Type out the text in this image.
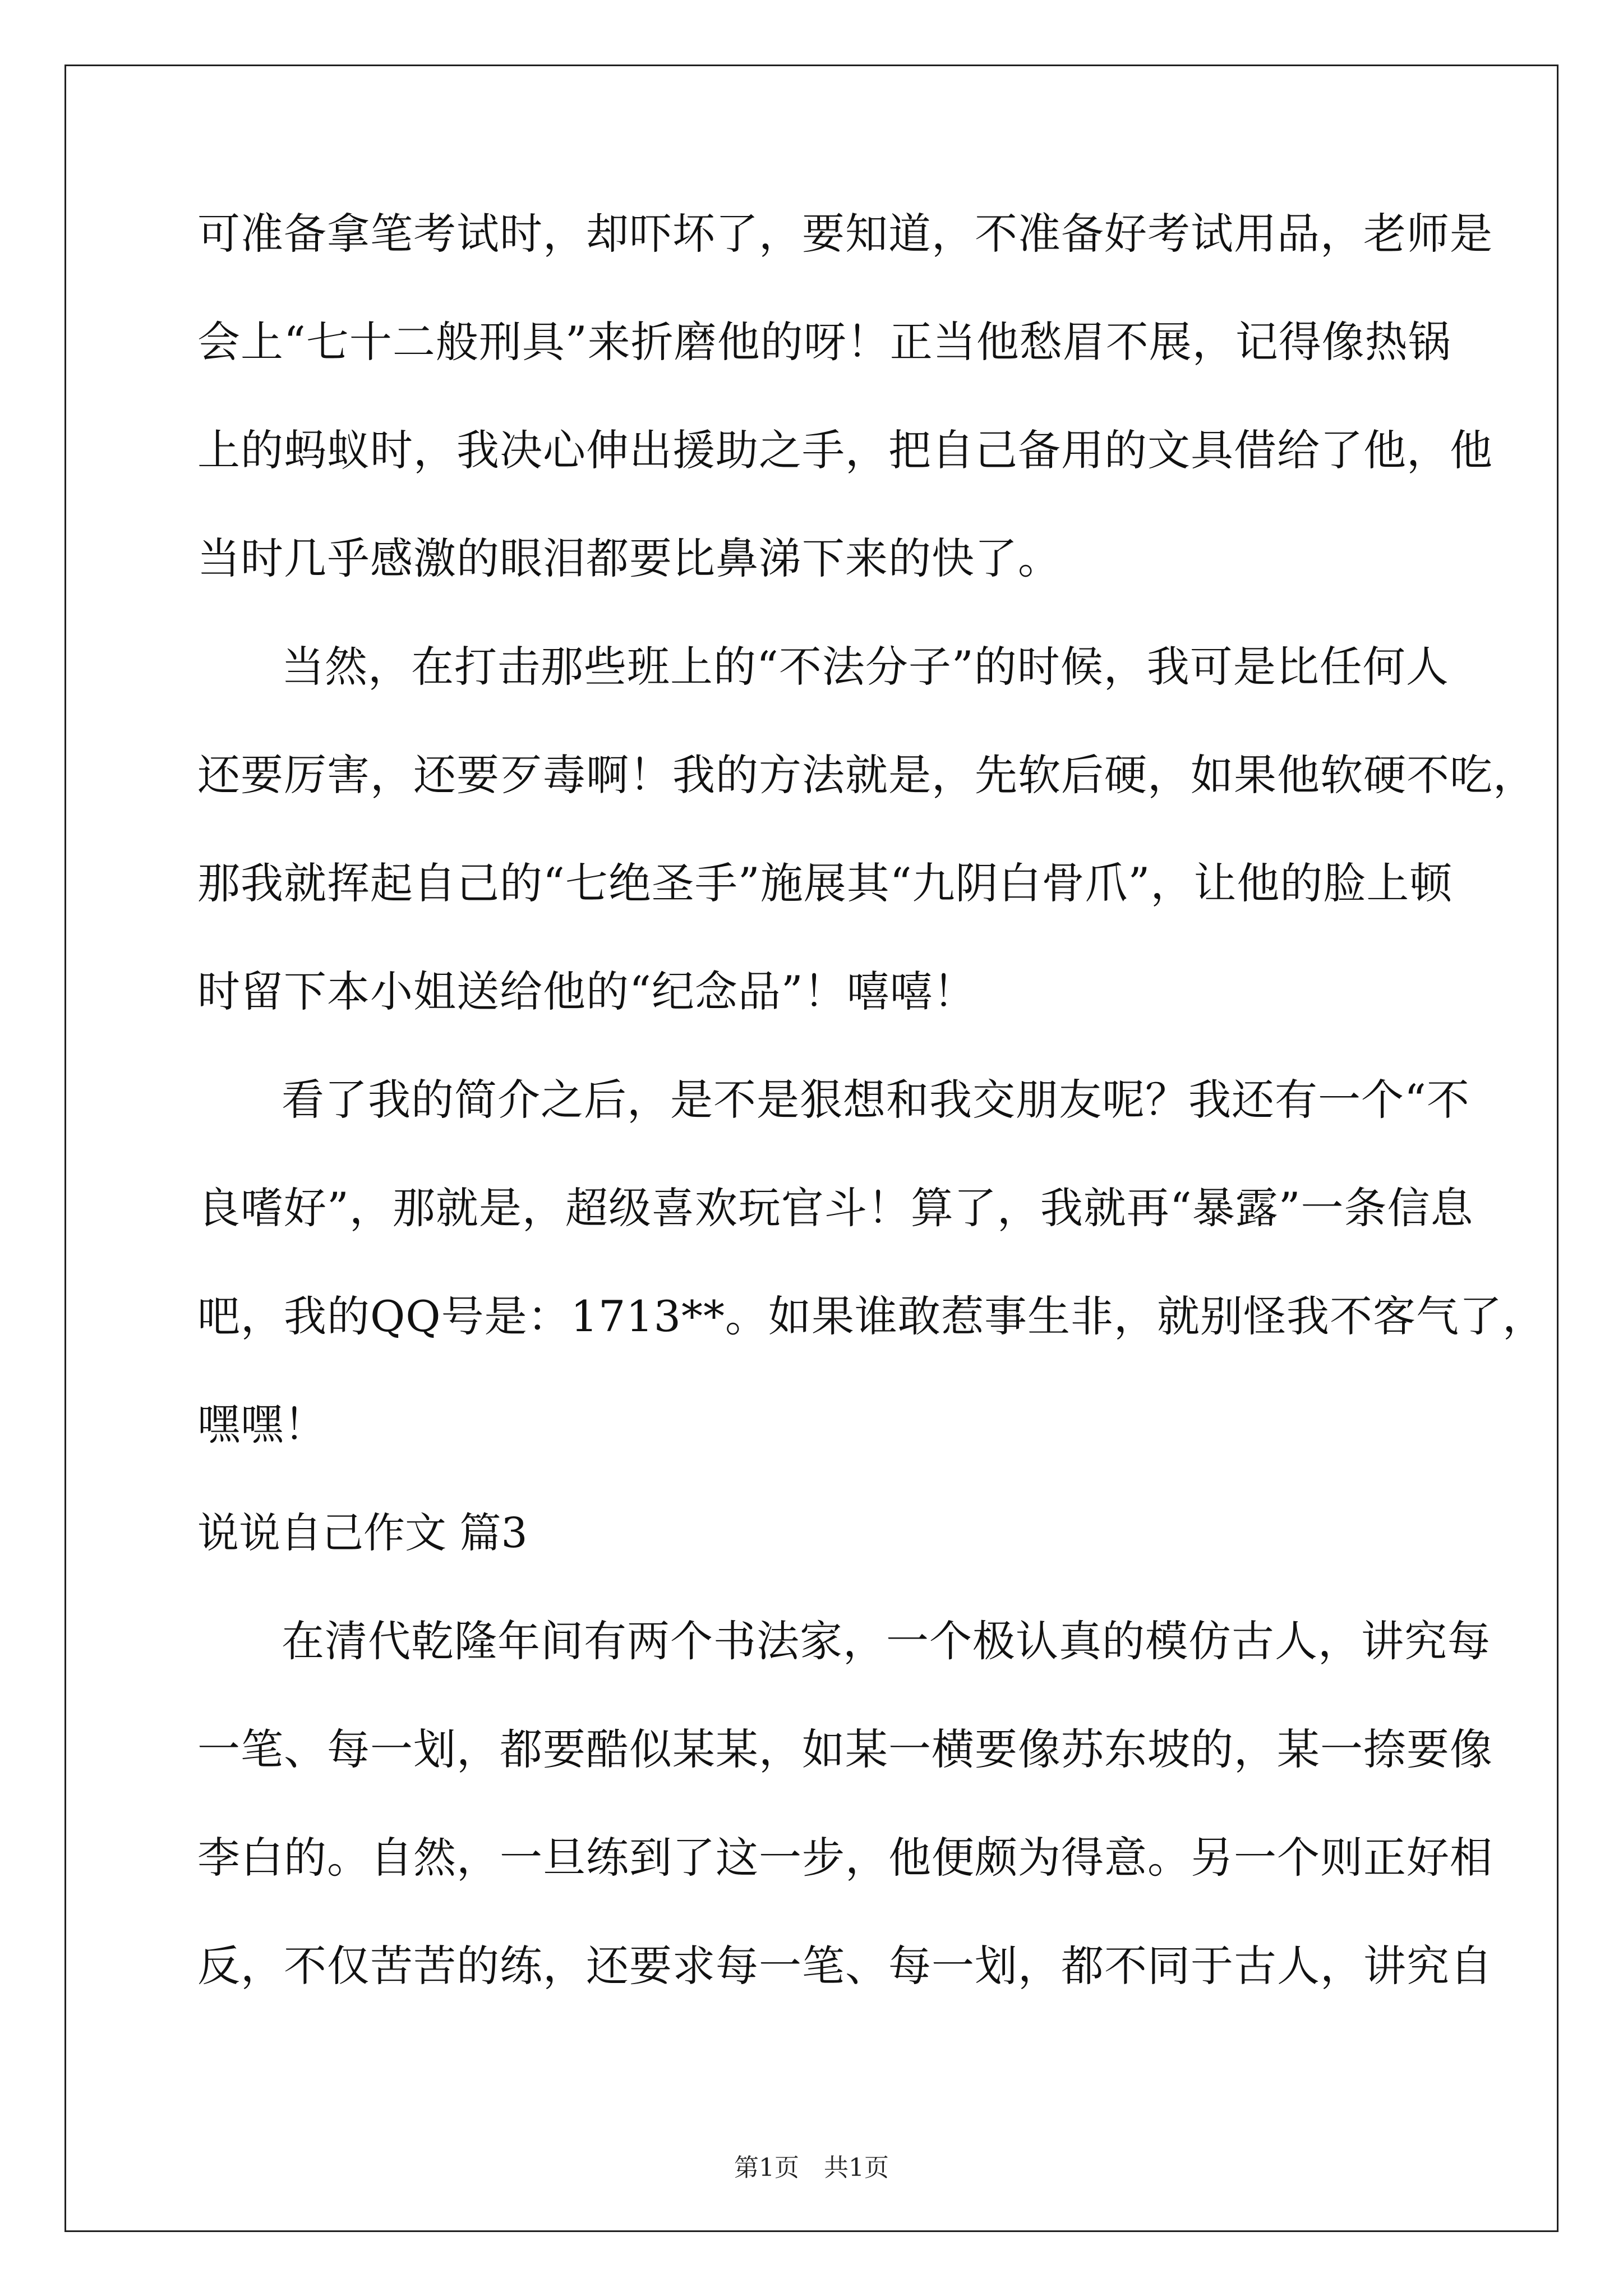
可准备拿笔考试时，却吓坏了，要知道，不准备好考试用品，老师是
会上“七十二般刑具”来折磨他的呀！正当他愁眉不展，记得像热锅
上的蚂蚁时，我决心伸出援助之手，把自己备用的文具借给了他，他
当时几乎感激的眼泪都要比鼻涕下来的快了。
当然，在打击那些班上的“不法分子”的时候，我可是比任何人
还要厉害，还要歹毒啊！我的方法就是，先软后硬，如果他软硬不吃，
那我就挥起自己的“七绝圣手”施展其“九阴白骨爪”，让他的脸上顿
时留下本小姐送给他的“纪念品”！嘻嘻！
看了我的简介之后，是不是狠想和我交朋友呢？我还有一个“不
良嗜好”，那就是，超级喜欢玩官斗！算了，我就再“暴露”一条信息
吧，我的QQ号是：1713**。如果谁敢惹事生非，就别怪我不客气了，
嘿嘿！
说说自己作文 篇3
在清代乾隆年间有两个书法家，一个极认真的模仿古人，讲究每
一笔、每一划，都要酷似某某，如某一横要像苏东坡的，某一捺要像
李白的。自然，一旦练到了这一步，他便颇为得意。另一个则正好相
反，不仅苦苦的练，还要求每一笔、每一划，都不同于古人，讲究自
第1页　共1页
